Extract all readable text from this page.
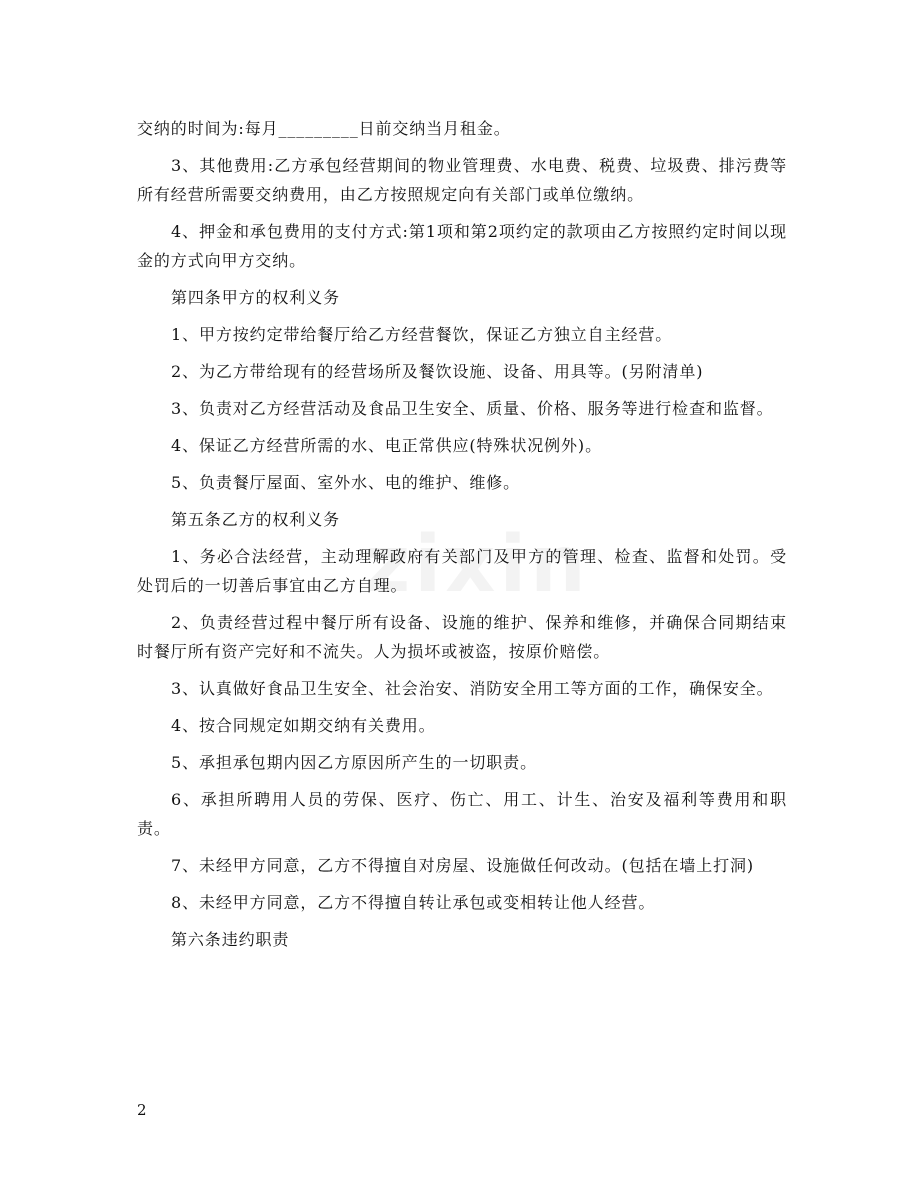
交纳的时间为:每月_________日前交纳当月租金。

3、其他费用:乙方承包经营期间的物业管理费、水电费、税费、垃圾费、排污费等所有经营所需要交纳费用，由乙方按照规定向有关部门或单位缴纳。

4、押金和承包费用的支付方式:第1项和第2项约定的款项由乙方按照约定时间以现金的方式向甲方交纳。

第四条甲方的权利义务

1、甲方按约定带给餐厅给乙方经营餐饮，保证乙方独立自主经营。

2、为乙方带给现有的经营场所及餐饮设施、设备、用具等。(另附清单)

3、负责对乙方经营活动及食品卫生安全、质量、价格、服务等进行检查和监督。

4、保证乙方经营所需的水、电正常供应(特殊状况例外)。

5、负责餐厅屋面、室外水、电的维护、维修。

第五条乙方的权利义务

1、务必合法经营，主动理解政府有关部门及甲方的管理、检查、监督和处罚。受处罚后的一切善后事宜由乙方自理。

2、负责经营过程中餐厅所有设备、设施的维护、保养和维修，并确保合同期结束时餐厅所有资产完好和不流失。人为损坏或被盗，按原价赔偿。

3、认真做好食品卫生安全、社会治安、消防安全用工等方面的工作，确保安全。

4、按合同规定如期交纳有关费用。

5、承担承包期内因乙方原因所产生的一切职责。

6、承担所聘用人员的劳保、医疗、伤亡、用工、计生、治安及福利等费用和职责。

7、未经甲方同意，乙方不得擅自对房屋、设施做任何改动。(包括在墙上打洞)

8、未经甲方同意，乙方不得擅自转让承包或变相转让他人经营。

第六条违约职责

2
